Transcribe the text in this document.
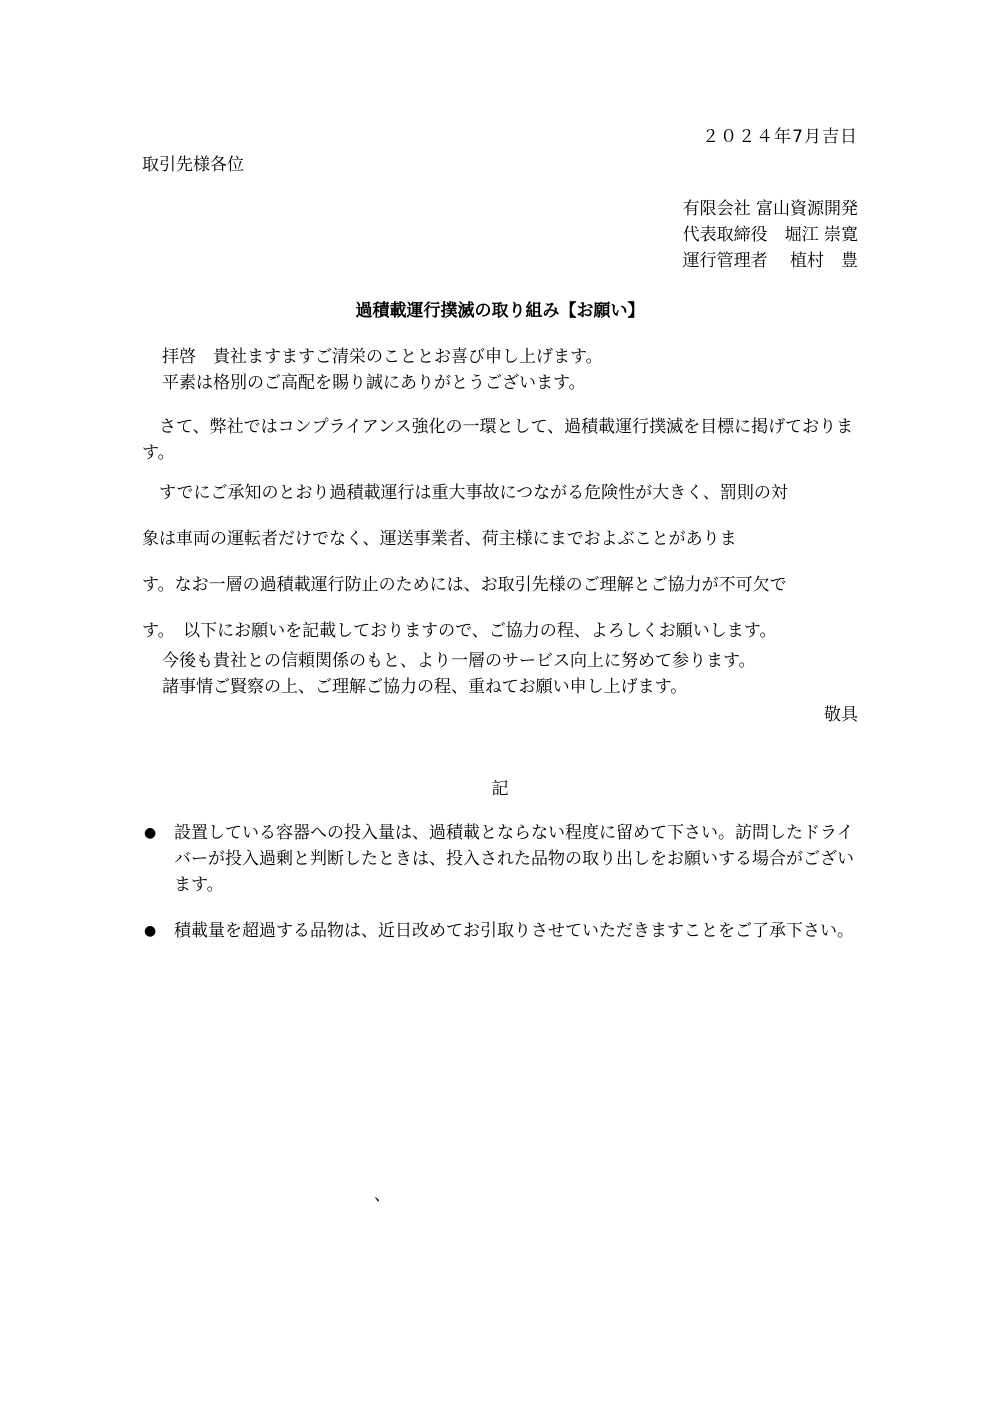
２０２４年7月吉日
取引先様各位
有限会社 富山資源開発
代表取締役　堀江 崇寛
運行管理者　 植村　豊
過積載運行撲滅の取り組み【お願い】
拝啓　貴社ますますご清栄のこととお喜び申し上げます。
平素は格別のご高配を賜り誠にありがとうございます。
　さて、弊社ではコンプライアンス強化の一環として、過積載運行撲滅を目標に掲げております。
　すでにご承知のとおり過積載運行は重大事故につながる危険性が大きく、罰則の対
象は車両の運転者だけでなく、運送事業者、荷主様にまでおよぶことがありま
す。なお一層の過積載運行防止のためには、お取引先様のご理解とご協力が不可欠で
す。　以下にお願いを記載しておりますので、ご協力の程、よろしくお願いします。
今後も貴社との信頼関係のもと、より一層のサービス向上に努めて参ります。
諸事情ご賢察の上、ご理解ご協力の程、重ねてお願い申し上げます。
敬具
記
●	設置している容器への投入量は、過積載とならない程度に留めて下さい。訪問したドライバーが投入過剰と判断したときは、投入された品物の取り出しをお願いする場合がございます。
●	積載量を超過する品物は、近日改めてお引取りさせていただきますことをご了承下さい。
、
